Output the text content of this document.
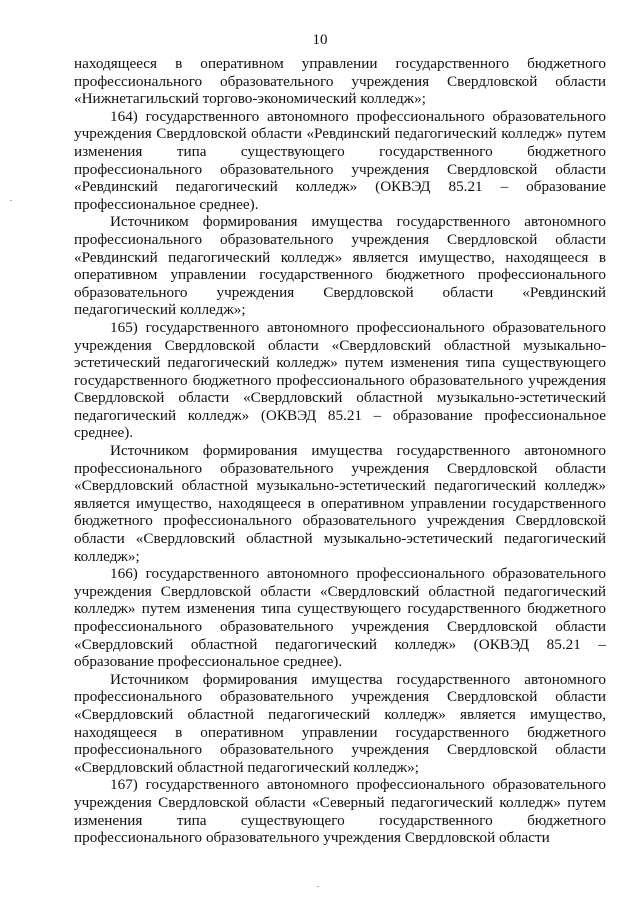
10

находящееся в оперативном управлении государственного бюджетного профессионального образовательного учреждения Свердловской области «Нижнетагильский торгово-экономический колледж»;

164) государственного автономного профессионального образовательного учреждения Свердловской области «Ревдинский педагогический колледж» путем изменения типа существующего государственного бюджетного профессионального образовательного учреждения Свердловской области «Ревдинский педагогический колледж» (ОКВЭД 85.21 – образование профессиональное среднее).

Источником формирования имущества государственного автономного профессионального образовательного учреждения Свердловской области «Ревдинский педагогический колледж» является имущество, находящееся в оперативном управлении государственного бюджетного профессионального образовательного учреждения Свердловской области «Ревдинский педагогический колледж»;

165) государственного автономного профессионального образовательного учреждения Свердловской области «Свердловский областной музыкально-эстетический педагогический колледж» путем изменения типа существующего государственного бюджетного профессионального образовательного учреждения Свердловской области «Свердловский областной музыкально-эстетический педагогический колледж» (ОКВЭД 85.21 – образование профессиональное среднее).

Источником формирования имущества государственного автономного профессионального образовательного учреждения Свердловской области «Свердловский областной музыкально-эстетический педагогический колледж» является имущество, находящееся в оперативном управлении государственного бюджетного профессионального образовательного учреждения Свердловской области «Свердловский областной музыкально-эстетический педагогический колледж»;

166) государственного автономного профессионального образовательного учреждения Свердловской области «Свердловский областной педагогический колледж» путем изменения типа существующего государственного бюджетного профессионального образовательного учреждения Свердловской области «Свердловский областной педагогический колледж» (ОКВЭД 85.21 – образование профессиональное среднее).

Источником формирования имущества государственного автономного профессионального образовательного учреждения Свердловской области «Свердловский областной педагогический колледж» является имущество, находящееся в оперативном управлении государственного бюджетного профессионального образовательного учреждения Свердловской области «Свердловский областной педагогический колледж»;

167) государственного автономного профессионального образовательного учреждения Свердловской области «Северный педагогический колледж» путем изменения типа существующего государственного бюджетного профессионального образовательного учреждения Свердловской области
